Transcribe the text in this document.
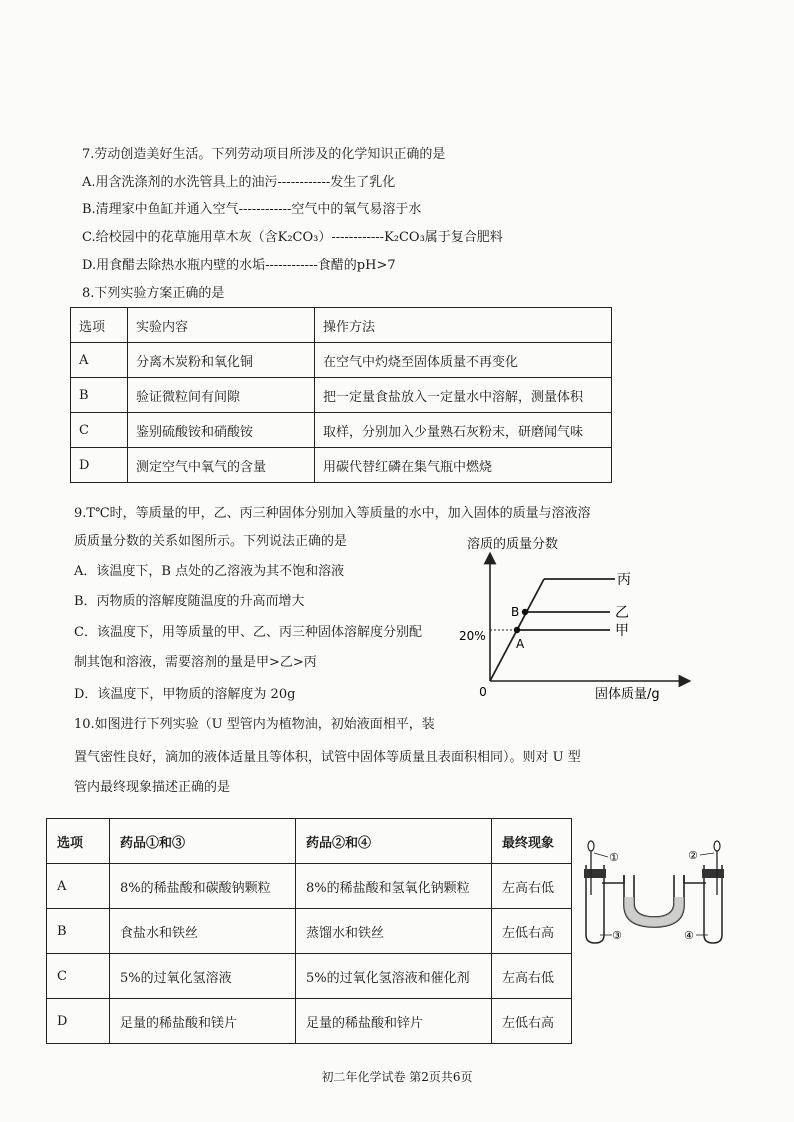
7.劳动创造美好生活。下列劳动项目所涉及的化学知识正确的是
A.用含洗涤剂的水洗管具上的油污------------发生了乳化
B.清理家中鱼缸并通入空气------------空气中的氧气易溶于水
C.给校园中的花草施用草木灰（含K₂CO₃）------------K₂CO₃属于复合肥料
D.用食醋去除热水瓶内壁的水垢------------食醋的pH>7
8.下列实验方案正确的是
选项	实验内容	操作方法
A	分离木炭粉和氧化铜	在空气中灼烧至固体质量不再变化
B	验证微粒间有间隙	把一定量食盐放入一定量水中溶解，测量体积
C	鉴别硫酸铵和硝酸铵	取样，分别加入少量熟石灰粉末，研磨闻气味
D	测定空气中氧气的含量	用碳代替红磷在集气瓶中燃烧
9.T℃时，等质量的甲，乙、丙三种固体分别加入等质量的水中，加入固体的质量与溶液溶
质质量分数的关系如图所示。下列说法正确的是
A．该温度下，B 点处的乙溶液为其不饱和溶液
B．丙物质的溶解度随温度的升高而增大
C．该温度下，用等质量的甲、乙、丙三种固体溶解度分别配
制其饱和溶液，需要溶剂的量是甲>乙>丙
D．该温度下，甲物质的溶解度为 20g
溶质的质量分数
0	固体质量/g
20%
丙
乙
甲
B
A
10.如图进行下列实验（U 型管内为植物油，初始液面相平，装
置气密性良好，滴加的液体适量且等体积，试管中固体等质量且表面积相同）。则对 U 型
管内最终现象描述正确的是
选项	药品①和③	药品②和④	最终现象
A	8%的稀盐酸和碳酸钠颗粒	8%的稀盐酸和氢氧化钠颗粒	左高右低
B	食盐水和铁丝	蒸馏水和铁丝	左低右高
C	5%的过氧化氢溶液	5%的过氧化氢溶液和催化剂	左高右低
D	足量的稀盐酸和镁片	足量的稀盐酸和锌片	左低右高
①
③
②
④
初二年化学试卷 第2页共6页
